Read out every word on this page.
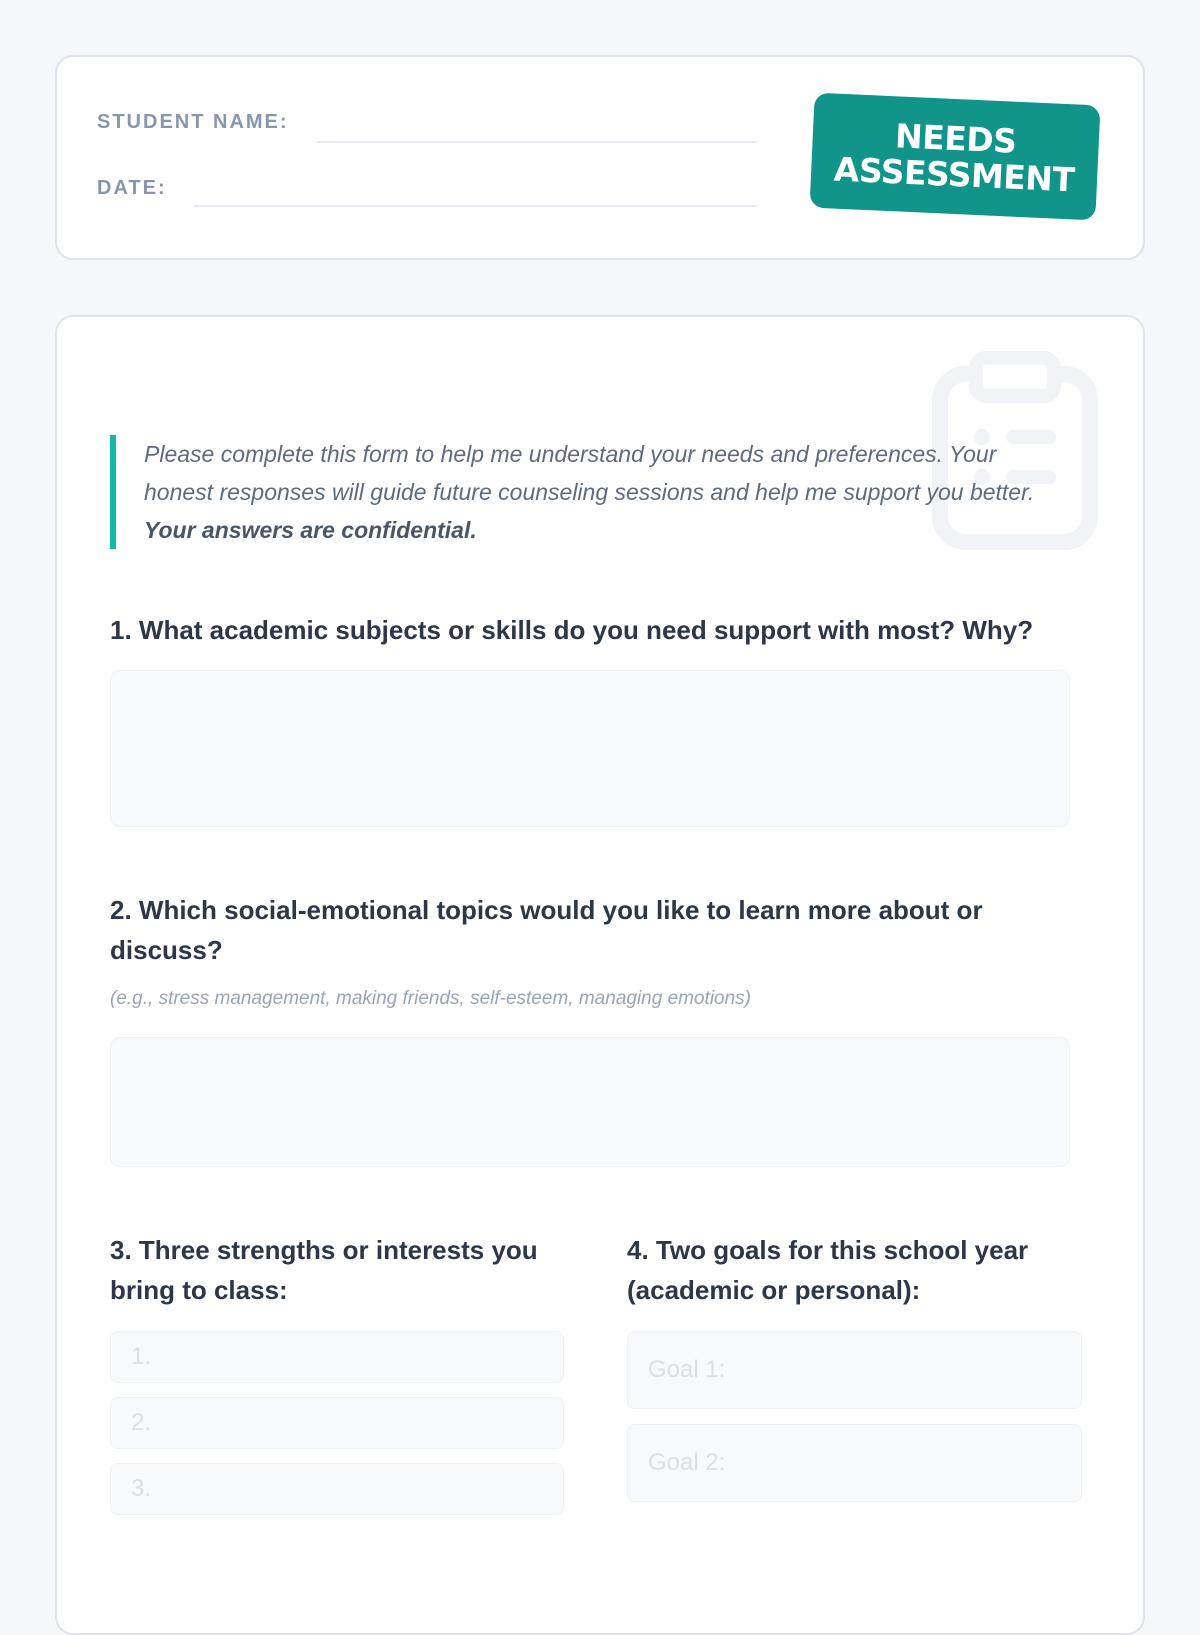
STUDENT NAME:
DATE:
NEEDS
ASSESSMENT
Please complete this form to help me understand your needs and preferences. Your honest responses will guide future counseling sessions and help me support you better. Your answers are confidential.
1. What academic subjects or skills do you need support with most? Why?
2. Which social-emotional topics would you like to learn more about or discuss?
(e.g., stress management, making friends, self-esteem, managing emotions)
3. Three strengths or interests you bring to class:
1.
2.
3.
4. Two goals for this school year (academic or personal):
Goal 1:
Goal 2:
